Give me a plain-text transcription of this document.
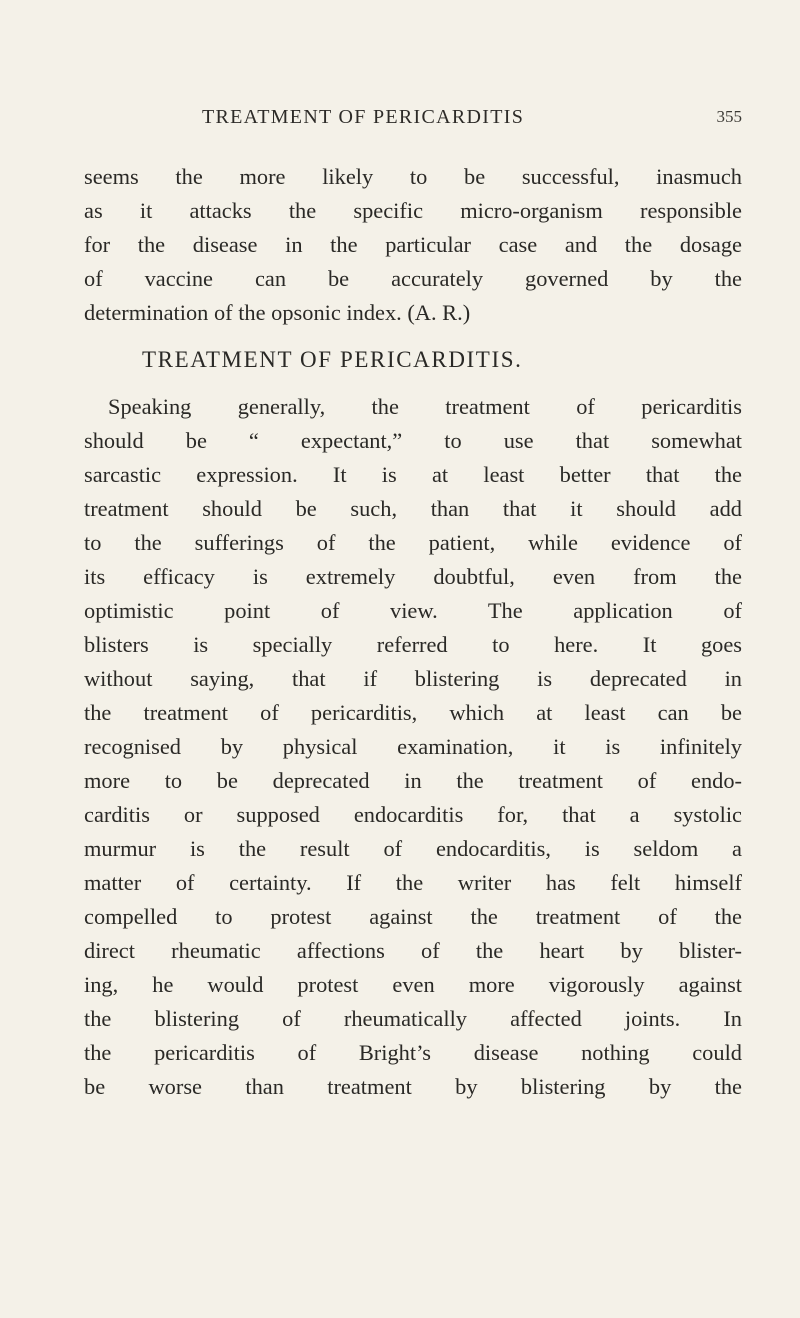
TREATMENT OF PERICARDITIS	355
seems the more likely to be successful, inasmuch
as it attacks the specific micro-organism responsible
for the disease in the particular case and the dosage
of vaccine can be accurately governed by the
determination of the opsonic index. (A. R.)
TREATMENT OF PERICARDITIS.
Speaking generally, the treatment of pericarditis
should be “ expectant,” to use that somewhat
sarcastic expression. It is at least better that the
treatment should be such, than that it should add
to the sufferings of the patient, while evidence of
its efficacy is extremely doubtful, even from the
optimistic point of view. The application of
blisters is specially referred to here. It goes
without saying, that if blistering is deprecated in
the treatment of pericarditis, which at least can be
recognised by physical examination, it is infinitely
more to be deprecated in the treatment of endo-
carditis or supposed endocarditis for, that a systolic
murmur is the result of endocarditis, is seldom a
matter of certainty. If the writer has felt himself
compelled to protest against the treatment of the
direct rheumatic affections of the heart by blister-
ing, he would protest even more vigorously against
the blistering of rheumatically affected joints. In
the pericarditis of Bright’s disease nothing could
be worse than treatment by blistering by the
